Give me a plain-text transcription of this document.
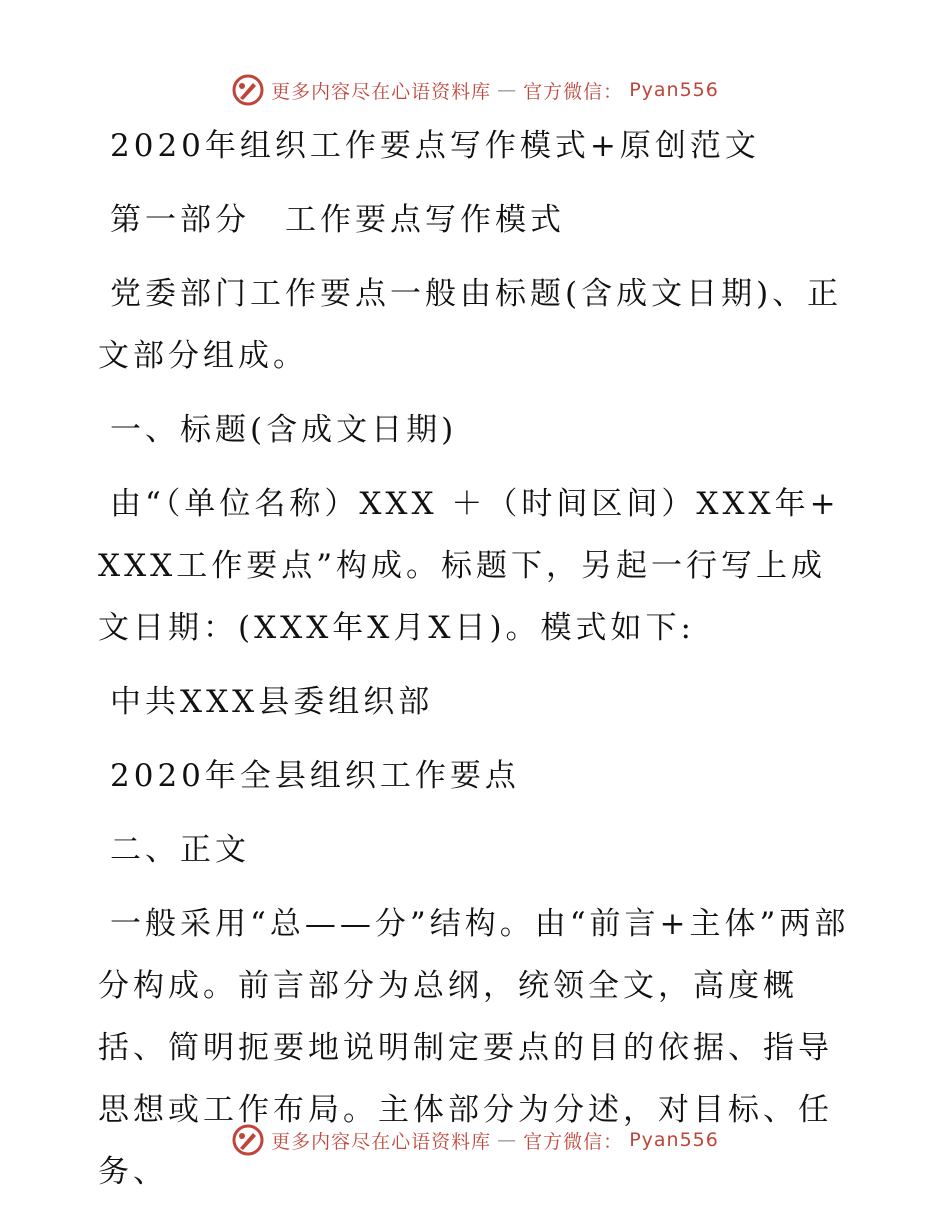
更多内容尽在心语资料库 — 官方微信： Pyan556

2020年组织工作要点写作模式+原创范文

第一部分　工作要点写作模式

党委部门工作要点一般由标题(含成文日期)、正文部分组成。

一、标题(含成文日期)

由“（单位名称）XXX ＋（时间区间）XXX年+XXX工作要点”构成。标题下，另起一行写上成文日期：(XXX年X月X日)。模式如下:

中共XXX县委组织部

2020年全县组织工作要点

二、正文

一般采用“总——分”结构。由“前言+主体”两部分构成。前言部分为总纲，统领全文，高度概括、简明扼要地说明制定要点的目的依据、指导思想或工作布局。主体部分为分述，对目标、任务、

更多内容尽在心语资料库 — 官方微信： Pyan556
